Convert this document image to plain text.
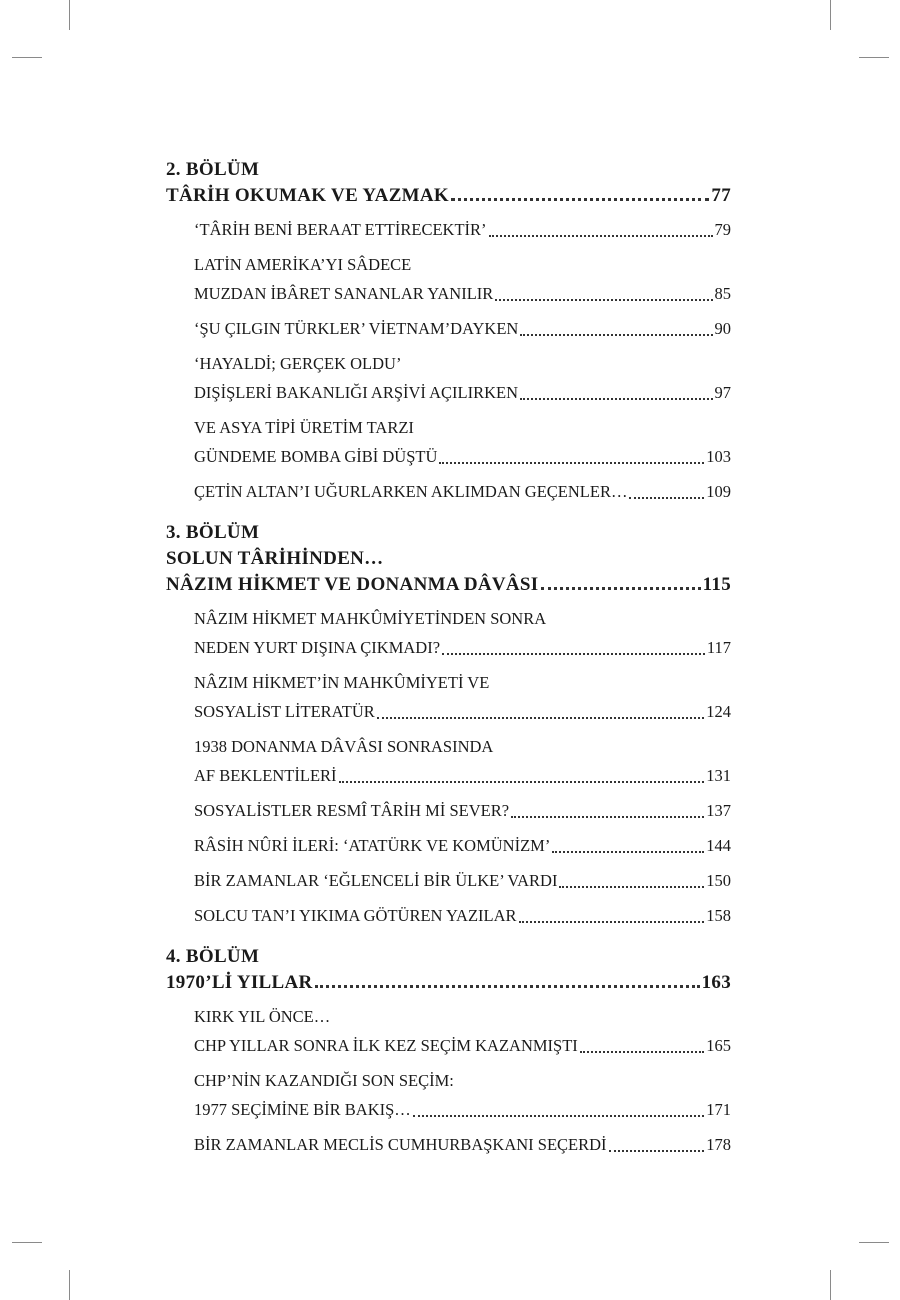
2. BÖLÜM
TÂRİH OKUMAK VE YAZMAK	77
‘TÂRİH BENİ BERAAT ETTİRECEKTİR’	79
LATİN AMERİKA’YI SÂDECE
MUZDAN İBÂRET SANANLAR YANILIR	85
‘ŞU ÇILGIN TÜRKLER’ VİETNAM’DAYKEN	90
‘HAYALDİ; GERÇEK OLDU’
DIŞİŞLERİ BAKANLIĞI ARŞİVİ AÇILIRKEN	97
VE ASYA TİPİ ÜRETİM TARZI
GÜNDEME BOMBA GİBİ DÜŞTÜ	103
ÇETİN ALTAN’I UĞURLARKEN AKLIMDAN GEÇENLER…	109
3. BÖLÜM
SOLUN TÂRİHİNDEN…
NÂZIM HİKMET VE DONANMA DÂVÂSI	115
NÂZIM HİKMET MAHKÛMİYETİNDEN SONRA
NEDEN YURT DIŞINA ÇIKMADI?	117
NÂZIM HİKMET’İN MAHKÛMİYETİ VE
SOSYALİST LİTERATÜR	124
1938 DONANMA DÂVÂSI SONRASINDA
AF BEKLENTİLERİ	131
SOSYALİSTLER RESMÎ TÂRİH Mİ SEVER?	137
RÂSİH NÛRİ İLERİ: ‘ATATÜRK VE KOMÜNİZM’	144
BİR ZAMANLAR ‘EĞLENCELİ BİR ÜLKE’ VARDI	150
SOLCU TAN’I YIKIMA GÖTÜREN YAZILAR	158
4. BÖLÜM
1970’Lİ YILLAR	163
KIRK YIL ÖNCE…
CHP YILLAR SONRA İLK KEZ SEÇİM KAZANMIŞTI	165
CHP’NİN KAZANDIĞI SON SEÇİM:
1977 SEÇİMİNE BİR BAKIŞ…	171
BİR ZAMANLAR MECLİS CUMHURBAŞKANI SEÇERDİ	178
